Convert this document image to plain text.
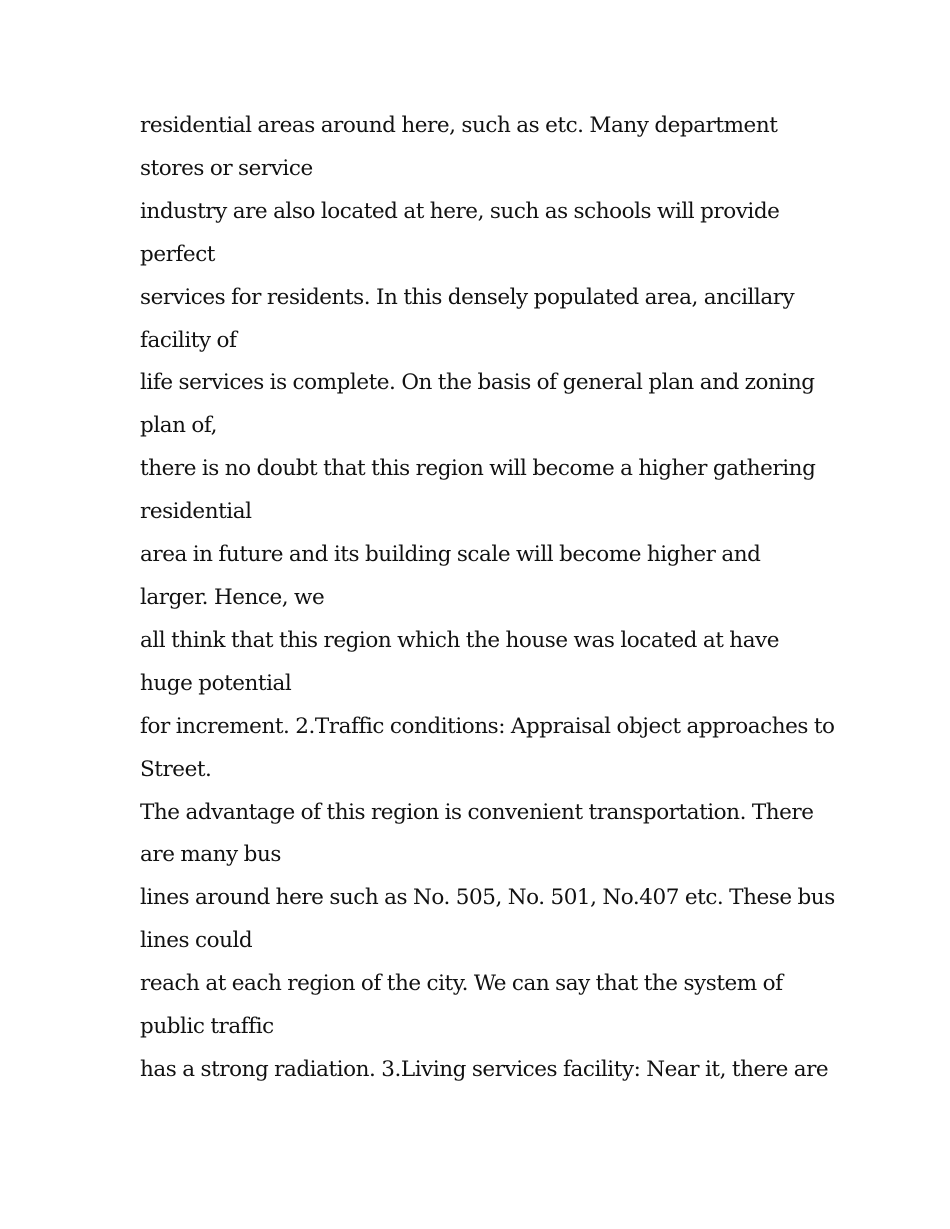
residential areas around here, such as etc. Many department
stores or service
industry are also located at here, such as schools will provide
perfect
services for residents. In this densely populated area, ancillary
facility of
life services is complete. On the basis of general plan and zoning
plan of,
there is no doubt that this region will become a higher gathering
residential
area in future and its building scale will become higher and
larger. Hence, we
all think that this region which the house was located at have
huge potential
for increment. 2.Traffic conditions: Appraisal object approaches to
Street.
The advantage of this region is convenient transportation. There
are many bus
lines around here such as No. 505, No. 501, No.407 etc. These bus
lines could
reach at each region of the city. We can say that the system of
public traffic
has a strong radiation. 3.Living services facility: Near it, there are
